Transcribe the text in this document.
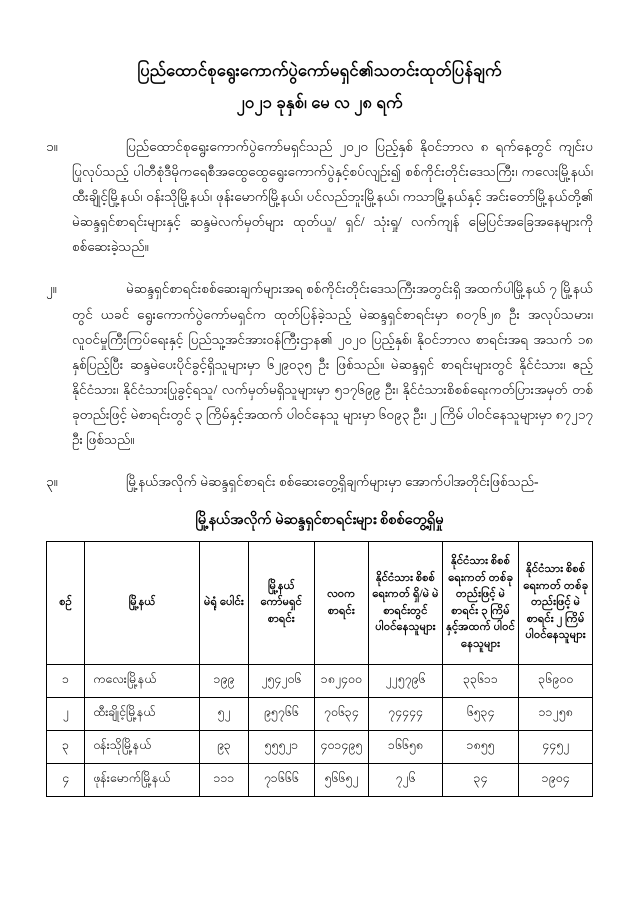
ပြည်ထောင်စုရွေးကောက်ပွဲကော်မရှင်၏သတင်းထုတ်ပြန်ချက်
၂၀၂၁ ခုနှစ်၊ မေ လ ၂၈ ရက်
၁။	ပြည်ထောင်စုရွေးကောက်ပွဲကော်မရှင်သည် ၂၀၂၀ ပြည့်နှစ် နိုဝင်ဘာလ ၈ ရက်နေ့တွင် ကျင်းပပြုလုပ်သည့် ပါတီစုံဒီမိုကရေစီအထွေထွေရွေးကောက်ပွဲနှင့်စပ်လျဉ်း၍ စစ်ကိုင်းတိုင်းဒေသကြီး၊ ကလေးမြို့နယ်၊ ထီးချိုင့်မြို့နယ်၊ ဝန်းသိုမြို့နယ်၊ ဖုန်းမောက်မြို့နယ်၊ ပင်လည်ဘူးမြို့နယ်၊ ကသာမြို့နယ်နှင့် အင်းတော်မြို့နယ်တို့၏ မဲဆန္ဒရှင်စာရင်းများနှင့် ဆန္ဒမဲလက်မှတ်များ ထုတ်ယူ/ ရှင်/ သုံးရှု/ လက်ကျန် မြေပြင်အခြေအနေများကို စစ်ဆေးခဲ့သည်။
၂။	မဲဆန္ဒရှင်စာရင်းစစ်ဆေးချက်များအရ စစ်ကိုင်းတိုင်းဒေသကြီးအတွင်းရှိ အထက်ပါမြို့နယ် ၇ မြို့နယ်တွင် ယခင် ရွေးကောက်ပွဲကော်မရှင်က ထုတ်ပြန်ခဲ့သည့် မဲဆန္ဒရှင်စာရင်းမှာ ၈၀၇၆၂၈ ဦး အလုပ်သမား၊ လူဝင်မှုကြီးကြပ်ရေးနှင့် ပြည်သူ့အင်အားဝန်ကြီးဌာန၏ ၂၀၂၀ ပြည့်နှစ်၊ နိုဝင်ဘာလ စာရင်းအရ အသက် ၁၈ နှစ်ပြည့်ပြီး ဆန္ဒမဲပေးပိုင်ခွင့်ရှိသူများမှာ ၆၂၉၀၃၅ ဦး ဖြစ်သည်။ မဲဆန္ဒရှင် စာရင်းများတွင် နိုင်ငံသား၊ ဧည့်နိုင်ငံသား၊ နိုင်ငံသားပြုခွင့်ရသူ/ လက်မှတ်မရှိသူများမှာ ၅၁၇၆၉၉ ဦး၊ နိုင်ငံသားစိစစ်ရေးကတ်ပြားအမှတ် တစ်ခုတည်းဖြင့် မဲစာရင်းတွင် ၃ ကြိမ်နှင့်အထက် ပါဝင်နေသူ များမှာ ၆၀၉၃ ဦး၊ ၂ ကြိမ် ပါဝင်နေသူများမှာ ၈၇၂၁၇ ဦး ဖြစ်သည်။
၃။	မြို့နယ်အလိုက် မဲဆန္ဒရှင်စာရင်း စစ်ဆေးတွေ့ရှိချက်များမှာ အောက်ပါအတိုင်းဖြစ်သည်-
မြို့နယ်အလိုက် မဲဆန္ဒရှင်စာရင်းများ စိစစ်တွေ့ရှိမှု
စဉ်	မြို့နယ်	မဲရုံ ပေါင်း	မြို့နယ် ကော်မရှင် စာရင်း	လဝက စာရင်း	နိုင်ငံသား စိစစ်ရေးကတ် ရှိ/မဲ မဲစာရင်းတွင် ပါဝင်နေသူများ	နိုင်ငံသား စိစစ်ရေးကတ် တစ်ခုတည်းဖြင့် မဲစာရင်း ၃ ကြိမ် နှင့်အထက် ပါဝင်နေသူများ	နိုင်ငံသား စိစစ်ရေးကတ် တစ်ခုတည်းဖြင့် မဲစာရင်း ၂ ကြိမ် ပါဝင်နေသူများ
၁	ကလေးမြို့နယ်	၁၉၉	၂၅၄၂၀၆	၁၈၂၄၀၀	၂၂၅၇၉၆	၃၃၆၁၁	၃၆၉၀၀
၂	ထီးချိုင့်မြို့နယ်	၅၂	၉၅၇၆၆	၇၀၆၃၄	၇၄၄၄၄	၆၅၃၄	၁၁၂၅၈
၃	ဝန်းသိုမြို့နယ်	၉၃	၅၅၅၂၁	၄၀၁၄၉၅	၁၆၆၅၈	၁၈၅၅	၄၄၅၂
၄	ဖုန်းမောက်မြို့နယ်	၁၁၁	၇၁၆၆၆	၅၆၆၅၂	၇၂၆	၃၄	၁၉၀၄
